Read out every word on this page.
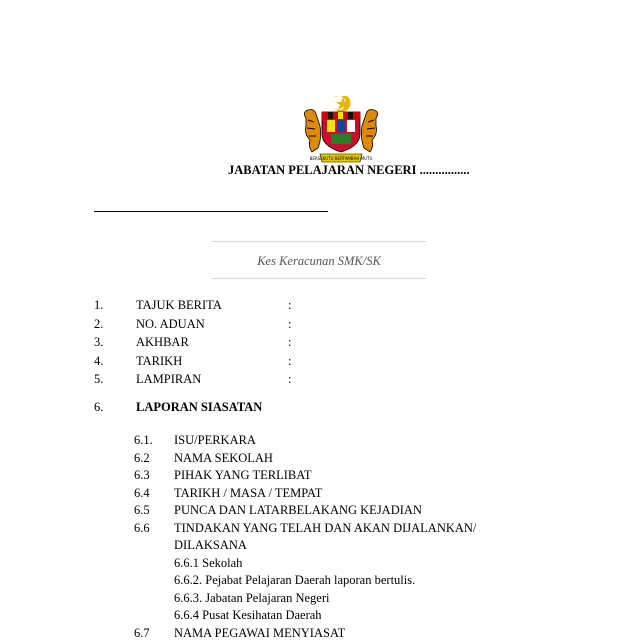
BERSEKUTU BERTAMBAH MUTU
JABATAN PELAJARAN NEGERI ................
Kes Keracunan SMK/SK
1.	TAJUK BERITA	:
2.	NO. ADUAN	:
3.	AKHBAR	:
4.	TARIKH	:
5.	LAMPIRAN	:
6.	LAPORAN SIASATAN
6.1. ISU/PERKARA
6.2 NAMA SEKOLAH
6.3 PIHAK YANG TERLIBAT
6.4 TARIKH / MASA / TEMPAT
6.5 PUNCA DAN LATARBELAKANG KEJADIAN
6.6 TINDAKAN YANG TELAH DAN AKAN DIJALANKAN/
DILAKSANA
6.6.1 Sekolah
6.6.2. Pejabat Pelajaran Daerah laporan bertulis.
6.6.3. Jabatan Pelajaran Negeri
6.6.4 Pusat Kesihatan Daerah
6.7 NAMA PEGAWAI MENYIASAT
